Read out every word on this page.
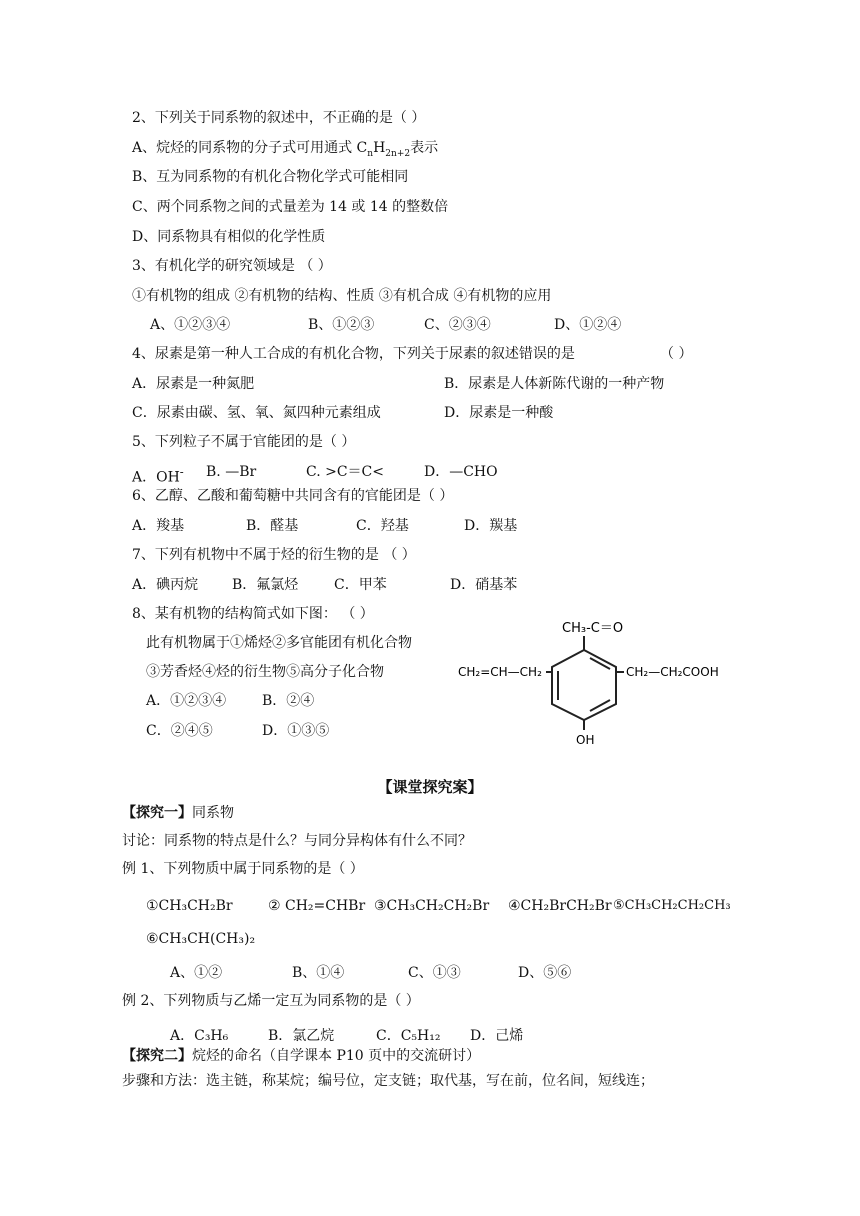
2、下列关于同系物的叙述中，不正确的是（ ）
A、烷烃的同系物的分子式可用通式 $C_nH_{2n+2}$表示
B、互为同系物的有机化合物化学式可能相同
C、两个同系物之间的式量差为 14 或 14 的整数倍
D、同系物具有相似的化学性质
3、有机化学的研究领域是 （ ）
①有机物的组成 ②有机物的结构、性质 ③有机合成 ④有机物的应用
A、①②③④	B、①②③	C、②③④	D、①②④
4、尿素是第一种人工合成的有机化合物，下列关于尿素的叙述错误的是	（ ）
A．尿素是一种氮肥	B．尿素是人体新陈代谢的一种产物
C．尿素由碳、氢、氧、氮四种元素组成	D．尿素是一种酸
5、下列粒子不属于官能团的是（ ）
A．OH- B. —Br	C. >C＝C<	D．—CHO
6、乙醇、乙酸和葡萄糖中共同含有的官能团是（ ）
A．羧基	B．醛基	C．羟基	D．羰基
7、下列有机物中不属于烃的衍生物的是 （ ）
A．碘丙烷 B．氟氯烃	C．甲苯	D．硝基苯
8、某有机物的结构简式如下图： （ ）
此有机物属于①烯烃②多官能团有机化合物
③芳香烃④烃的衍生物⑤高分子化合物
A．①②③④	B．②④
C．②④⑤	D．①③⑤
CH₃-C＝O
CH₂=CH—CH₂	CH₂—CH₂COOH
OH
【课堂探究案】
【探究一】同系物
讨论：同系物的特点是什么？与同分异构体有什么不同？
例 1、下列物质中属于同系物的是（ ）
①CH₃CH₂Br	② CH₂=CHBr ③CH₃CH₂CH₂Br ④CH₂BrCH₂Br ⑤CH₃CH₂CH₂CH₃
⑥CH₃CH(CH₃)₂
A、①②	B、①④	C、①③	D、⑤⑥
例 2、下列物质与乙烯一定互为同系物的是（ ）
A．C₃H₆	B．氯乙烷	C．C₅H₁₂ D．己烯
【探究二】烷烃的命名（自学课本 P10 页中的交流研讨）
步骤和方法：选主链，称某烷；编号位，定支链；取代基，写在前，位名间，短线连；
